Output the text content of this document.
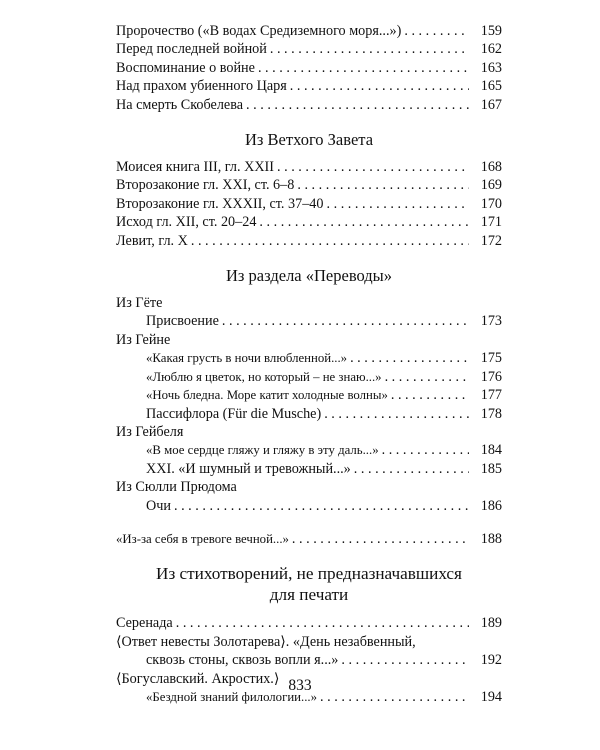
Пророчество («В водах Средиземного моря...») . . .	159
Перед последней войной . . .	162
Воспоминание о войне . . .	163
Над прахом убиенного Царя . . .	165
На смерть Скобелева . . .	167
Из Ветхого Завета
Моисея книга III, гл. XXII . . .	168
Второзаконие гл. XXI, ст. 6–8 . . .	169
Второзаконие гл. XXXII, ст. 37–40 . . .	170
Исход гл. XII, ст. 20–24 . . .	171
Левит, гл. X . . .	172
Из раздела «Переводы»
Из Гёте
Присвоение . . .	173
Из Гейне
«Какая грусть в ночи влюбленной...» . . .	175
«Люблю я цветок, но который – не знаю...» . . .	176
«Ночь бледна. Море катит холодные волны» . . .	177
Пассифлора (Für die Musche) . . .	178
Из Гейбеля
«В мое сердце гляжу и гляжу в эту даль...» . . .	184
XXI. «И шумный и тревожный...» . . .	185
Из Сюлли Прюдома
Очи . . .	186
«Из-за себя в тревоге вечной...» . . .	188
Из стихотворений, не предназначавшихся
для печати
Серенада . . .	189
⟨Ответ невесты Золотарева⟩. «День незабвенный,
сквозь стоны, сквозь вопли я...» . . .	192
⟨Богуславский. Акростих.⟩
«Бездной знаний филологии...» . . .	194
833
